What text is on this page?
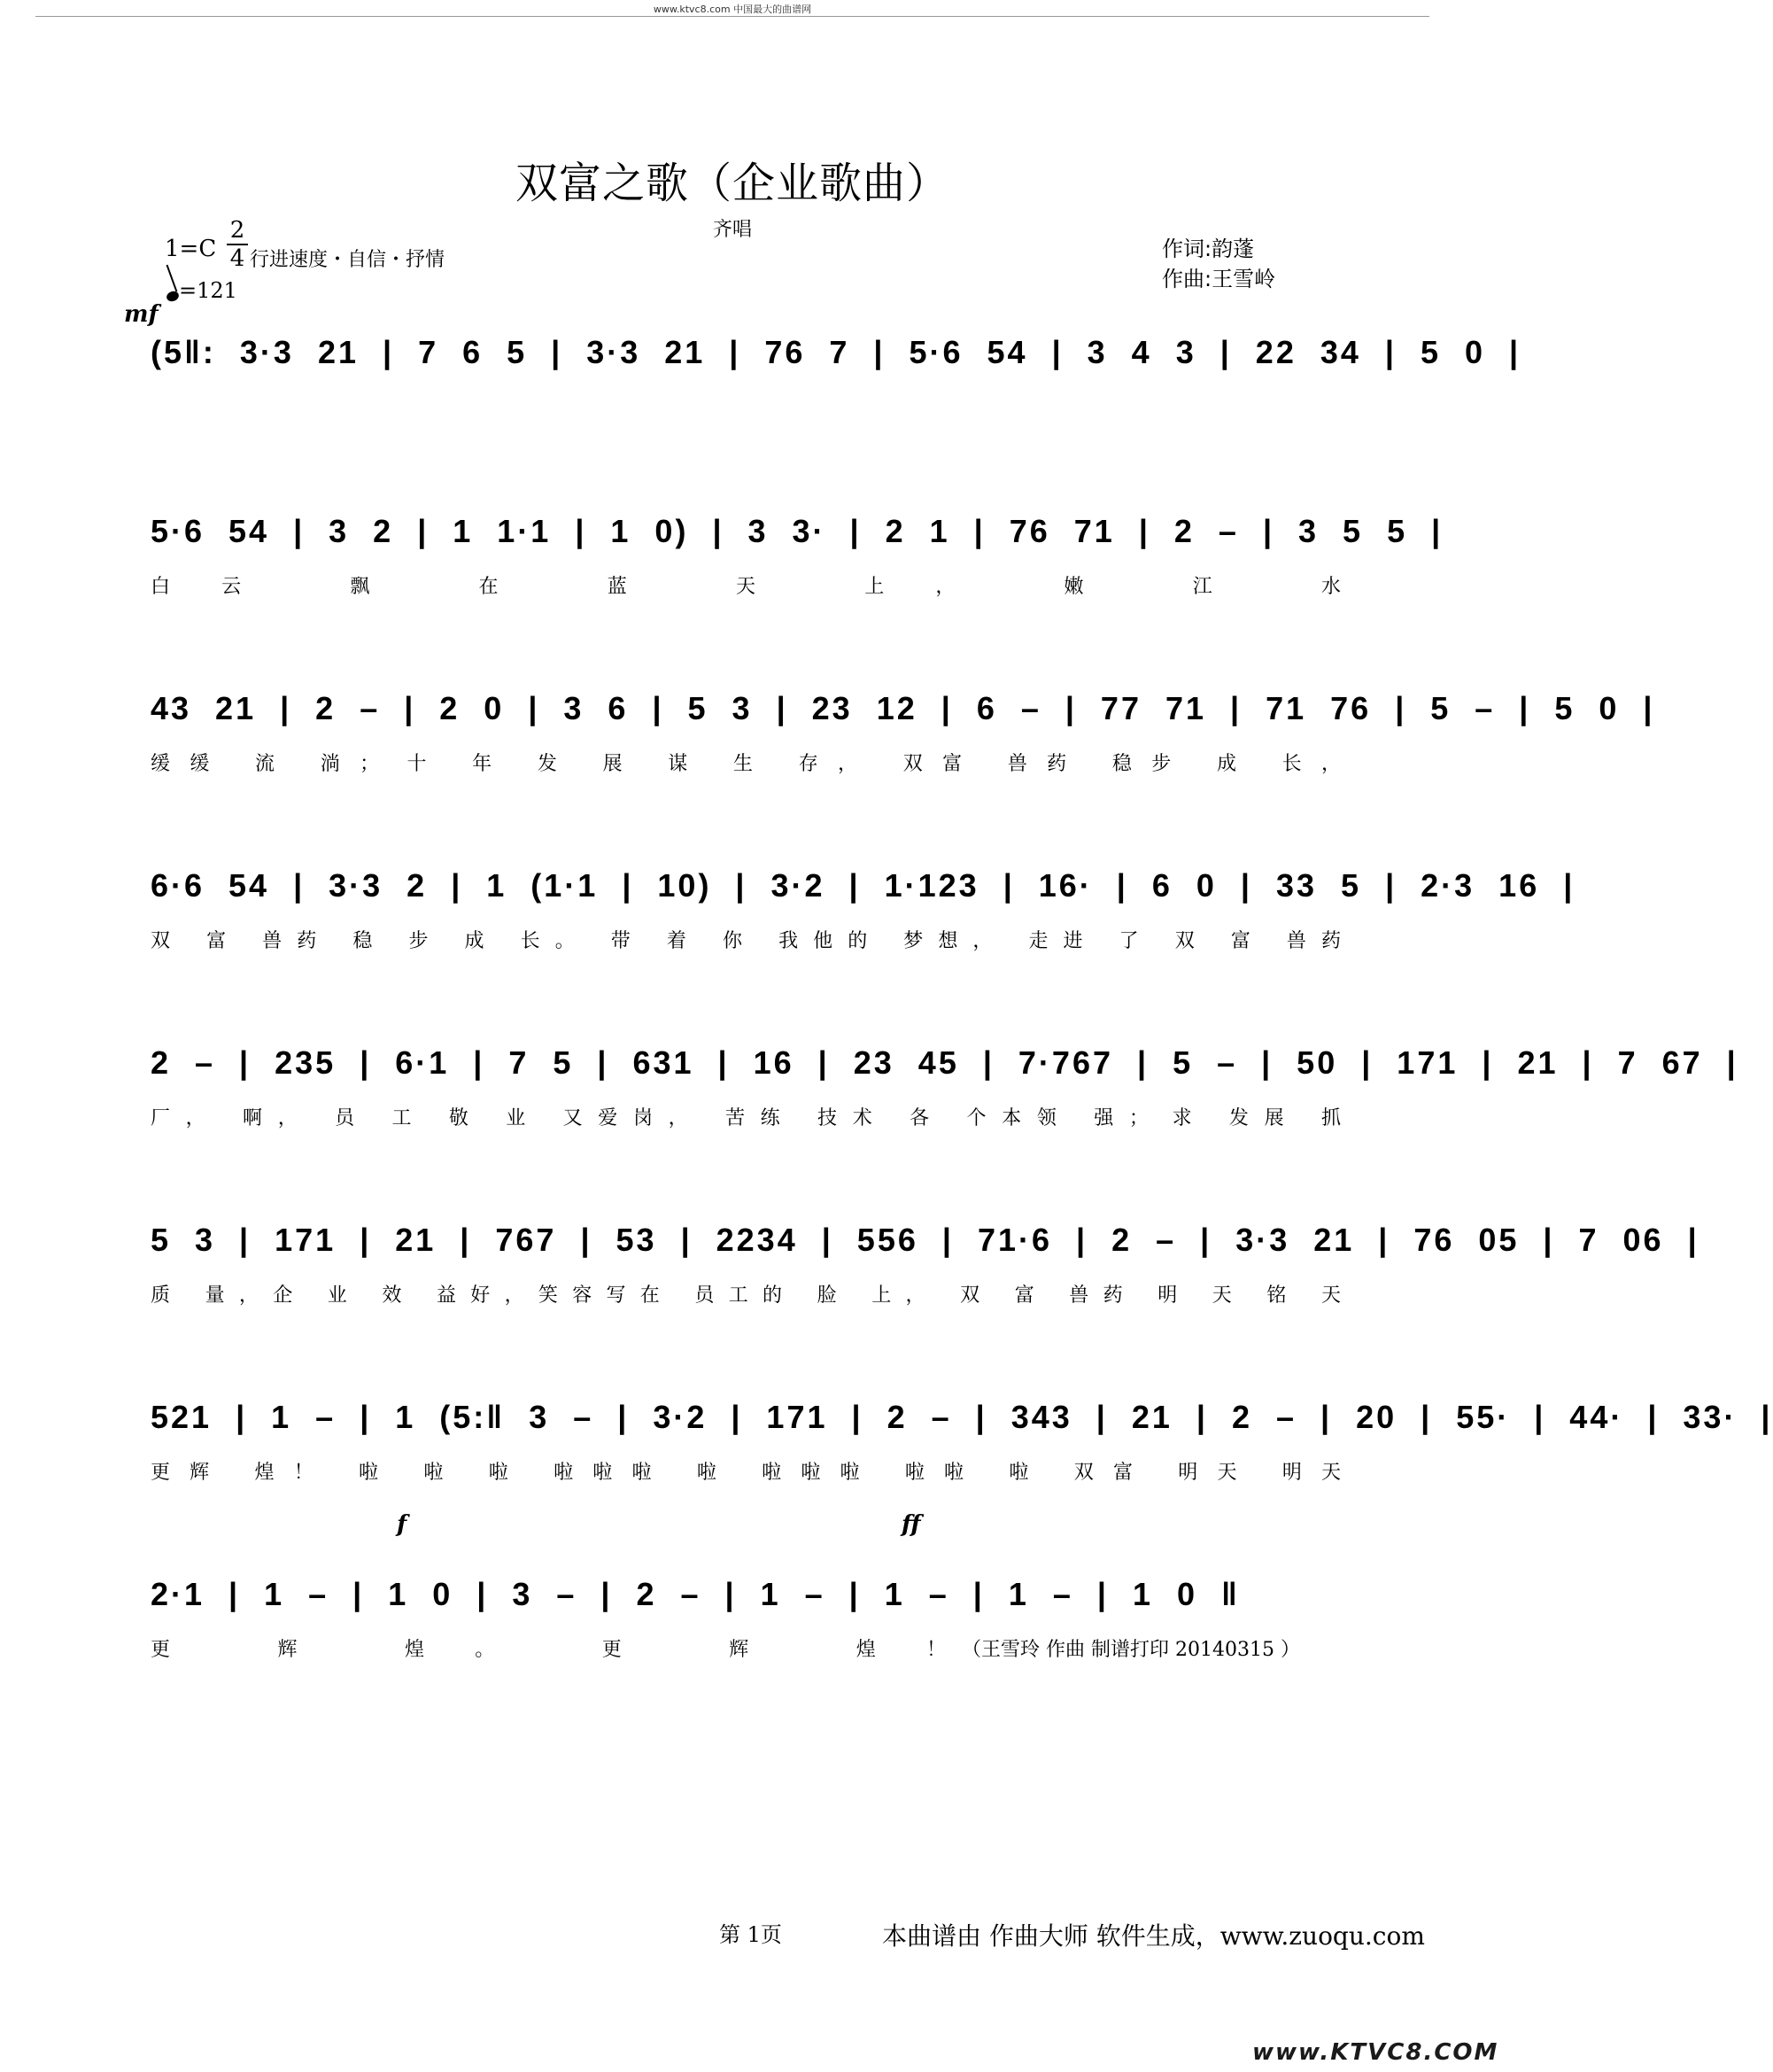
www.ktvc8.com 中国最大的曲谱网
双富之歌（企业歌曲）
齐唱
1=C
2
4 行进速度・自信・抒情
=121
作词:韵蓬
作曲:王雪岭
mf
f	ff
(5‖: 3·3 21 | 7 6 5 | 3·3 21 | 76 7 | 5·6 54 | 3 4 3 | 22 34 | 5 0 |
5·6 54 | 3 2 | 1 1·1 | 1 0) | 3 3· | 2 1 | 76 71 | 2 – | 3 5 5 |
白云 飘 在 蓝 天 上， 嫩 江 水
43 21 | 2 – | 2 0 | 3 6 | 5 3 | 23 12 | 6 – | 77 71 | 71 76 | 5 – | 5 0 |
缓缓 流 淌； 十 年 发 展 谋 生 存， 双富 兽药 稳步 成 长，
6·6 54 | 3·3 2 | 1 (1·1 | 10) | 3·2 | 1·123 | 16· | 6 0 | 33 5 | 2·3 16 |
双 富 兽药 稳 步 成 长。 带 着 你 我他的 梦想， 走进 了 双 富 兽药
2 – | 235 | 6·1 | 7 5 | 631 | 16 | 23 45 | 7·767 | 5 – | 50 | 171 | 21 | 7 67 |
厂， 啊， 员 工 敬 业 又爱岗， 苦练 技术 各 个本领 强； 求 发展 抓
5 3 | 171 | 21 | 767 | 53 | 2234 | 556 | 71·6 | 2 – | 3·3 21 | 76 05 | 7 06 |
质 量，企 业 效 益好，笑容写在 员工的 脸 上， 双 富 兽药 明 天 铭 天
521 | 1 – | 1 (5:‖ 3 – | 3·2 | 171 | 2 – | 343 | 21 | 2 – | 20 | 55· | 44· | 33· |
更辉 煌！ 啦 啦 啦 啦啦啦 啦 啦啦啦 啦啦 啦 双富 明天 明天
2·1 | 1 – | 1 0 | 3 – | 2 – | 1 – | 1 – | 1 – | 1 0 ‖
更 辉 煌。 更 辉 煌！ （王雪玲 作曲 制谱打印 20140315 ）
第 1页	本曲谱由 作曲大师 软件生成，www.zuoqu.com
www.KTVC8.COM
